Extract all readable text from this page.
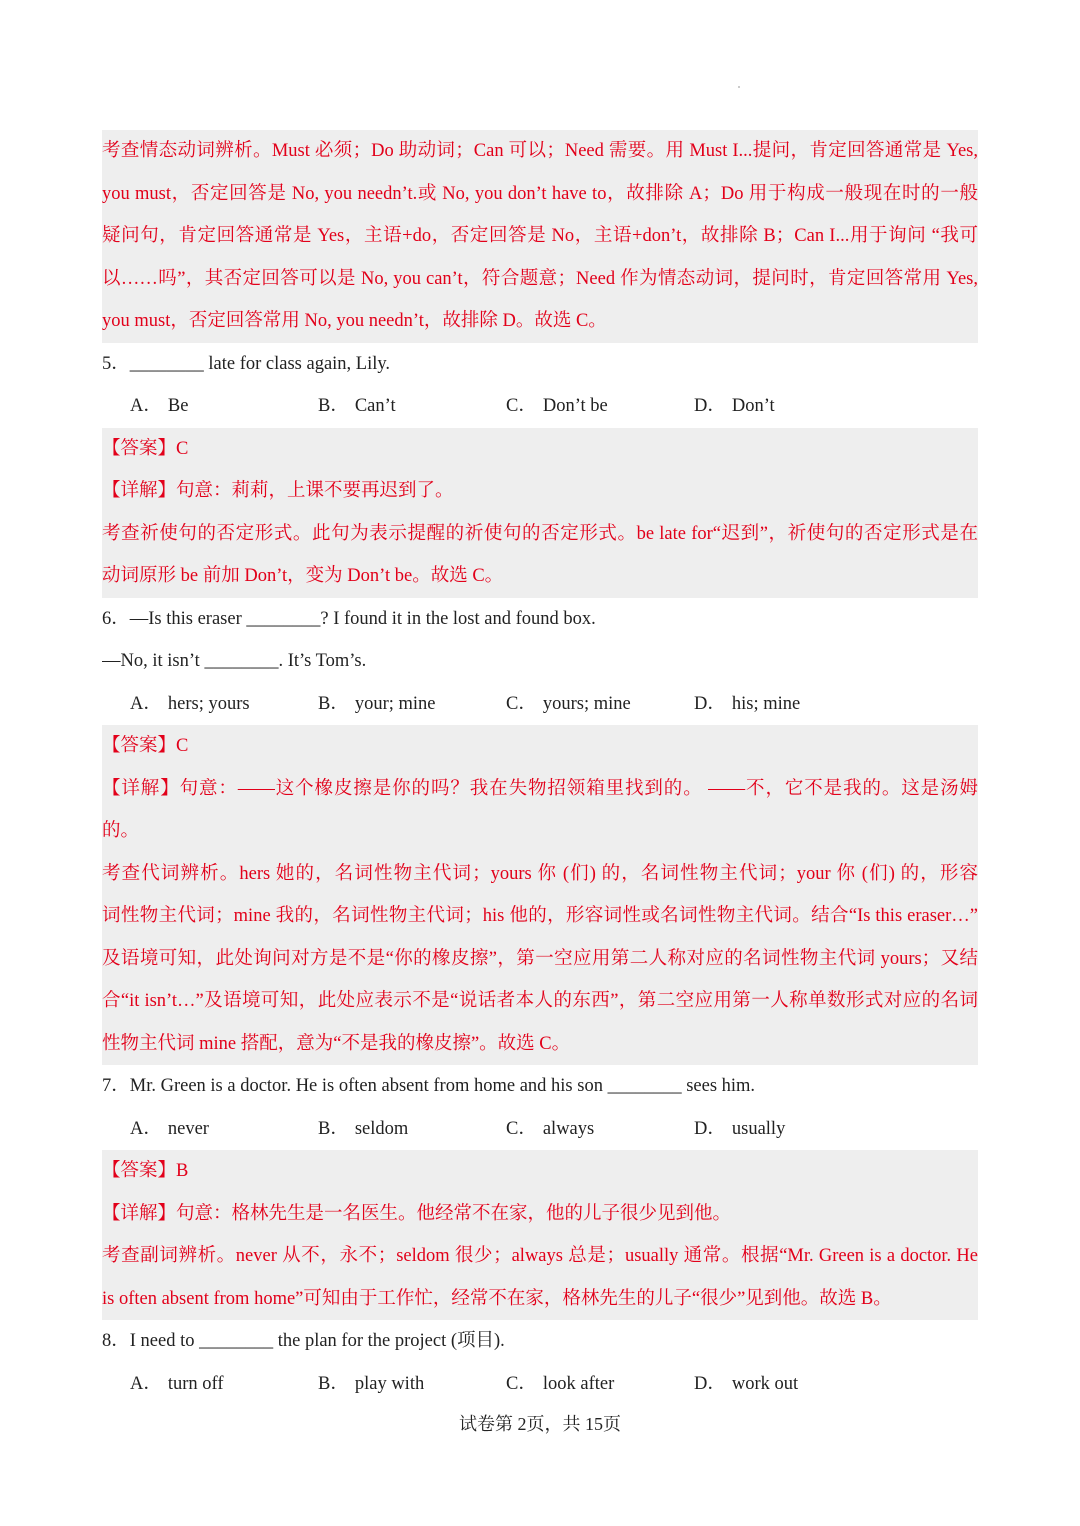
考查情态动词辨析。Must 必须；Do 助动词；Can 可以；Need 需要。用 Must I...提问，肯定回答通常是 Yes,
you must，否定回答是 No, you needn’t.或 No, you don’t have to，故排除 A；Do 用于构成一般现在时的一般
疑问句，肯定回答通常是 Yes，主语+do，否定回答是 No，主语+don’t，故排除 B；Can I...用于询问 “我可
以……吗”，其否定回答可以是 No, you can’t，符合题意；Need 作为情态动词，提问时，肯定回答常用 Yes,
you must，否定回答常用 No, you needn’t，故排除 D。故选 C。
5．________ late for class again, Lily.
A． Be	B． Can’t	C． Don’t be	D． Don’t
【答案】C
【详解】句意：莉莉，上课不要再迟到了。
考查祈使句的否定形式。此句为表示提醒的祈使句的否定形式。be late for“迟到”，祈使句的否定形式是在
动词原形 be 前加 Don’t，变为 Don’t be。故选 C。
6．—Is this eraser ________? I found it in the lost and found box.
—No, it isn’t ________. It’s Tom’s.
A． hers; yours	B． your; mine	C． yours; mine	D． his; mine
【答案】C
【详解】句意：——这个橡皮擦是你的吗？我在失物招领箱里找到的。 ——不，它不是我的。这是汤姆
的。
考查代词辨析。hers 她的，名词性物主代词；yours 你 (们) 的，名词性物主代词；your 你 (们) 的，形容
词性物主代词；mine 我的，名词性物主代词；his 他的，形容词性或名词性物主代词。结合“Is this eraser…”
及语境可知，此处询问对方是不是“你的橡皮擦”，第一空应用第二人称对应的名词性物主代词 yours；又结
合“it isn’t…”及语境可知，此处应表示不是“说话者本人的东西”，第二空应用第一人称单数形式对应的名词
性物主代词 mine 搭配，意为“不是我的橡皮擦”。故选 C。
7．Mr. Green is a doctor. He is often absent from home and his son ________ sees him.
A． never	B． seldom	C． always	D． usually
【答案】B
【详解】句意：格林先生是一名医生。他经常不在家，他的儿子很少见到他。
考查副词辨析。never 从不，永不；seldom 很少；always 总是；usually 通常。根据“Mr. Green is a doctor. He
is often absent from home”可知由于工作忙，经常不在家，格林先生的儿子“很少”见到他。故选 B。
8．I need to ________ the plan for the project (项目).
A． turn off	B． play with	C． look after	D． work out
试卷第 2页，共 15页
